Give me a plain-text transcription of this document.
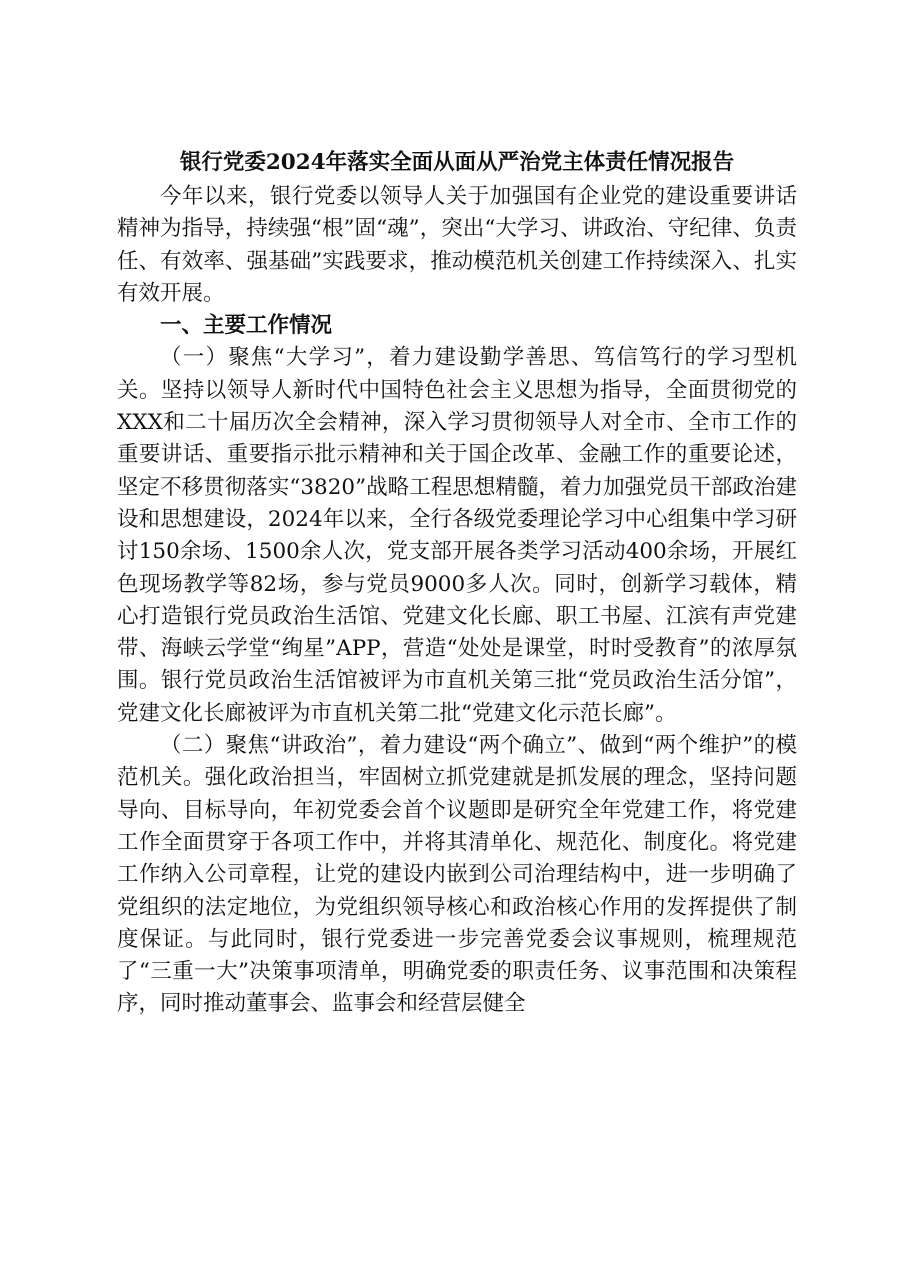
银行党委2024年落实全面从面从严治党主体责任情况报告

今年以来，银行党委以领导人关于加强国有企业党的建设重要讲话精神为指导，持续强“根”固“魂”，突出“大学习、讲政治、守纪律、负责任、有效率、强基础”实践要求，推动模范机关创建工作持续深入、扎实有效开展。

一、主要工作情况

（一）聚焦“大学习”，着力建设勤学善思、笃信笃行的学习型机关。坚持以领导人新时代中国特色社会主义思想为指导，全面贯彻党的XXX和二十届历次全会精神，深入学习贯彻领导人对全市、全市工作的重要讲话、重要指示批示精神和关于国企改革、金融工作的重要论述，坚定不移贯彻落实“3820”战略工程思想精髓，着力加强党员干部政治建设和思想建设，2024年以来，全行各级党委理论学习中心组集中学习研讨150余场、1500余人次，党支部开展各类学习活动400余场，开展红色现场教学等82场，参与党员9000多人次。同时，创新学习载体，精心打造银行党员政治生活馆、党建文化长廊、职工书屋、江滨有声党建带、海峡云学堂“绚星”APP，营造“处处是课堂，时时受教育”的浓厚氛围。银行党员政治生活馆被评为市直机关第三批“党员政治生活分馆”，党建文化长廊被评为市直机关第二批“党建文化示范长廊”。

（二）聚焦“讲政治”，着力建设“两个确立”、做到“两个维护”的模范机关。强化政治担当，牢固树立抓党建就是抓发展的理念，坚持问题导向、目标导向，年初党委会首个议题即是研究全年党建工作，将党建工作全面贯穿于各项工作中，并将其清单化、规范化、制度化。将党建工作纳入公司章程，让党的建设内嵌到公司治理结构中，进一步明确了党组织的法定地位，为党组织领导核心和政治核心作用的发挥提供了制度保证。与此同时，银行党委进一步完善党委会议事规则，梳理规范了“三重一大”决策事项清单，明确党委的职责任务、议事范围和决策程序，同时推动董事会、监事会和经营层健全
